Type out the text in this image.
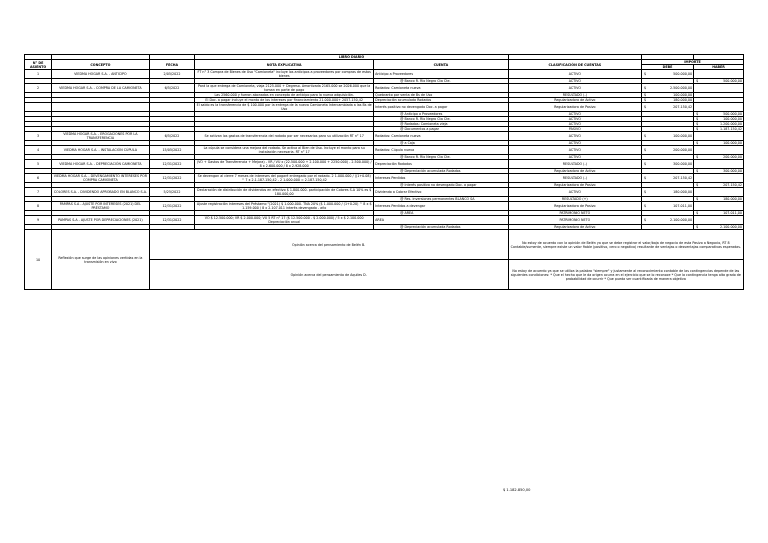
			LIBRO DIARIO				
N° DE ASIENTO	CONCEPTO	FECHA	NOTA EXPLICATIVA	CUENTA	CLASIFICACIÓN DE CUENTAS	IMPORTE	
						DEBE	HABER
1	VIEDMA HOGAR S.A. - ANTICIPO	2/05/2022	FT n° 3 Compra de Bienes de Uso "Camioneta" incluye los anticipos a proveedores por compras de estos bienes	Anticipo a Proveedores	ACTIVO	$ 500.000,00	

				@ Banco R. Río Negro Cta Cte.	ACTIVO		$ 500.000,00

2	VIEDMA HOGAR S.A. - COMPRA DE LA CAMIONETA	6/5/2022	Pará la que entrega de Camioneta, viaja 2125.000 + Degreso. Amortizada 2165.000 se 2026.000 que la toman en parte de pago	Rodados: Camioneta nueva	ACTIVO	$ 2.500.000,00	

			Las 2560.000 y fueron abonados en concepto de anticipo para la nueva adquisición.	Quebranto por venta de Bs de Uso	RESULTADO (-)	$ 100.000,00	

			El Doc. a pagar incluye el monto de los intereses por financiamiento 21.000.000+ 2057.150,42	Depreciación acumulada Rodados	Regularizadora de Activo	$ 180.000,00	

			El saldo es la transferencia de $ 100.000 por la entrega de la nueva Camioneta Intercambiada a las Bs de Uso	Interés positivo no devengado Doc. a pagar	Regularizadora de Pasivo	$ 207.150,42	

				@ Anticipo a Proveedores	ACTIVO		$ 500.000,00

				@ Banco R. Río Negro Cta Cte.	ACTIVO		$ 100.000,00

				@ Rodados: Camioneta vieja	ACTIVO		$ 1.200.000,00

				@ Documentos a pagar	PASIVO		$ 1.187.150,42

3	VIEDMA HOGAR S.A. - EROGACIONES POR LA TRANSFERENCIA	6/5/2022	Se activan los gastos de transferencia del rodado por ser necesarios para su utilización RT n° 17	Rodados: Camioneta nueva	ACTIVO	$ 100.000,00	

				@ a Caja	ACTIVO		$ 100.000,00

4	VIEDMA HOGAR S.A. - INSTALACIÓN CÚPULA	15/05/2022	La cúpula se considera una mejora del rodado. Se activa al Bien de Uso. Incluye el monto para su instalación necesaria. RT n° 17	Rodados: Cúpula nueva	ACTIVO	$ 200.000,00	

				@ Banco R. Río Negro Cta Cte.	ACTIVO		$ 200.000,00

5	VIEDMA HOGAR S.A. - DEPRECIACIÓN CAMIONETA	12/31/2022	(VO + Gastos de Transferencia + Mejora) - VR / VU x (22.500.000 + 2.100.000 + 2250.000) - 2.500.000) / 8 x 2.600.000 / 8 x 2.928.000	Depreciación Rodados	RESULTADO (-)	$ 300.000,00	

				@ Depreciación acumulada Rodados	Regularizadora de Activo		$ 300.000,00

6	VIEDMA HOGAR S.A. - DEVENGAMIENTO INTERESES POR COMPRA CAMIONETA	12/31/2022	Se devengan al cierre 7 meses de intereses del pagaré entregado por el rodado. 2 1.000.000 / ((1+0.08) ^ 7 x 2.1.187.150,42 - 2 1.000.000 = 2.187.150,42	Intereses Perdidos	RESULTADO (-)	$ 207.150,42	

				@ Interés positivo no devengado Doc. a pagar	Regularizadora de Pasivo		$ 207.150,42

7	COLORES S.A. - DIVIDENDO APROBADO EN BLANCO S.A.	5/25/2022	Declaración de distribución de dividendos en efectivo $ 1.800.000. participación de Colores S.A 10% es $ 180.000,00	Dividendo a Cobrar Efectivo	ACTIVO	$ 180.000,00	

				@ Res. inversiones permanentes BLANCO SA	RESULTADO (+)		$ 180.000,00

8	PAMPAS S.A - AJUSTE POR INTERESES (2021) DEL PRÉSTAMO	12/31/2022	Ajuste registración intereses del Préstamo "(2021) $ 1.000.000. TNA 20% ($ 1.000.000 / (1+0.20) ^ 8 x $ 1.159.000 / 8 x 2.107.011 interés devengado - año	Intereses Perdidos a devengar	Regularizadora de Pasivo	$ 107.011,00	

				@ AREA	PATRIMONIO NETO		$ 107.011,00

9	PAMPAS S.A - AJUSTE POR DEPRECIACIONES (2021)	12/31/2022	VO $ 12.500.000; VR $ 2.000.000; VU 5 RT n° 17 ($ 12.500.000 - $ 2.000.000) / 5 x $ 2.100.000 Depreciación anual	AREA	PATRIMONIO NETO	$ 2.100.000,00	

				@ Depreciación acumulada Rodados	Regularizadora de Activo		$ 2.100.000,00

10	Reflexión que surge de las opiniones vertidas en la transmisión en vivo	Opinión acerca del pensamiento de Belén B.			No estoy de acuerdo con la opinión de Belén ya que se debe registrar el valor/baja de negocio de esta Pasivo a Negocio, RT 8 Contable/sumente, siempre existe un valor fiable (positivo, cero o negativo) resultante de ventajas o desventajas comparativas esperadas.		
		Opinión acerca del pensamiento de Aquiles D.			No estoy de acuerdo ya que se utiliza la palabra "siempre" y justamente al reconocimiento contable de las contingencias depende de las siguientes condiciones: * Que el hecho que le da origen ocurra en el ejercicio que se lo reconoce * Que la contingencia tenga alta grado de probabilidad de ocurrir * Que pueda ser cuantificada de manera objetiva		
$ 1.182.850,00
